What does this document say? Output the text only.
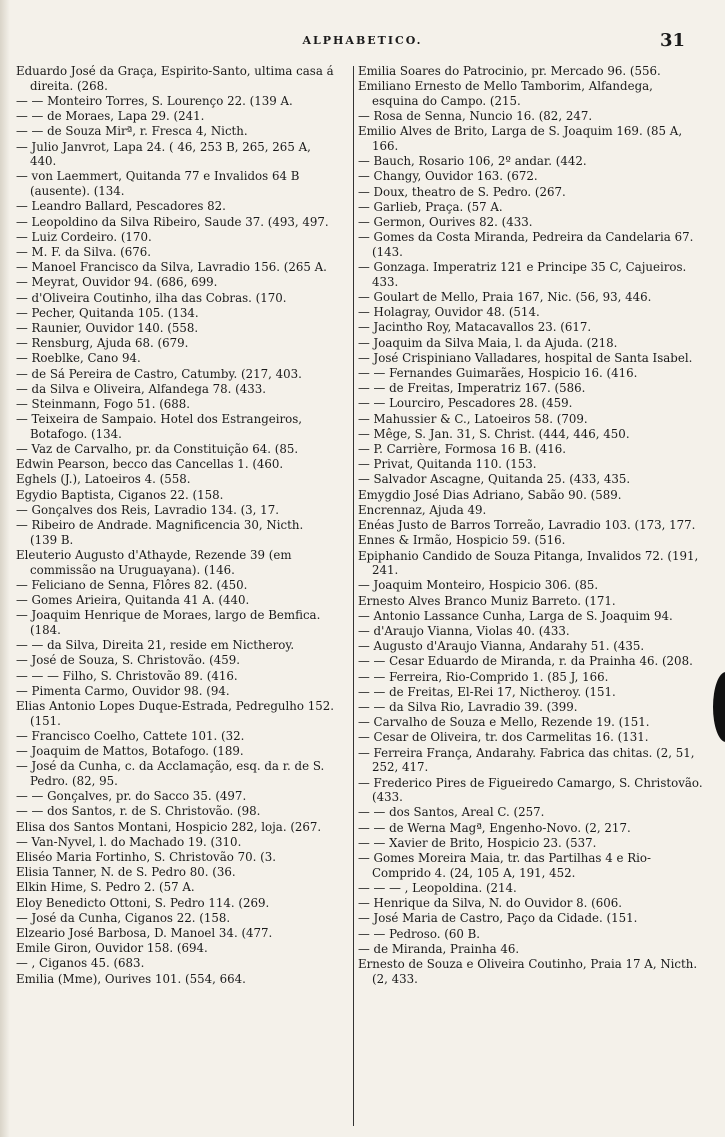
ALPHABETICO.	31
Eduardo José da Graça, Espirito-Santo, ultima casa á direita. (268.
— — Monteiro Torres, S. Lourenço 22. (139 A.
— — de Moraes, Lapa 29. (241.
— — de Souza Mirª, r. Fresca 4, Nicth.
— Julio Janvrot, Lapa 24. ( 46, 253 B, 265, 265 A, 440.
— von Laemmert, Quitanda 77 e Invalidos 64 B (ausente). (134.
— Leandro Ballard, Pescadores 82.
— Leopoldino da Silva Ribeiro, Saude 37. (493, 497.
— Luiz Cordeiro. (170.
— M. F. da Silva. (676.
— Manoel Francisco da Silva, Lavradio 156. (265 A.
— Meyrat, Ouvidor 94. (686, 699.
— d'Oliveira Coutinho, ilha das Cobras. (170.
— Pecher, Quitanda 105. (134.
— Raunier, Ouvidor 140. (558.
— Rensburg, Ajuda 68. (679.
— Roeblke, Cano 94.
— de Sá Pereira de Castro, Catumby. (217, 403.
— da Silva e Oliveira, Alfandega 78. (433.
— Steinmann, Fogo 51. (688.
— Teixeira de Sampaio. Hotel dos Estrangeiros, Botafogo. (134.
— Vaz de Carvalho, pr. da Constituição 64. (85.
Edwin Pearson, becco das Cancellas 1. (460.
Eghels (J.), Latoeiros 4. (558.
Egydio Baptista, Ciganos 22. (158.
— Gonçalves dos Reis, Lavradio 134. (3, 17.
— Ribeiro de Andrade. Magnificencia 30, Nicth. (139 B.
Eleuterio Augusto d'Athayde, Rezende 39 (em commissão na Uruguayana). (146.
— Feliciano de Senna, Flôres 82. (450.
— Gomes Arieira, Quitanda 41 A. (440.
— Joaquim Henrique de Moraes, largo de Bemfica. (184.
— — da Silva, Direita 21, reside em Nictheroy.
— José de Souza, S. Christovão. (459.
— — — Filho, S. Christovão 89. (416.
— Pimenta Carmo, Ouvidor 98. (94.
Elias Antonio Lopes Duque-Estrada, Pedregulho 152. (151.
— Francisco Coelho, Cattete 101. (32.
— Joaquim de Mattos, Botafogo. (189.
— José da Cunha, c. da Acclamação, esq. da r. de S. Pedro. (82, 95.
— — Gonçalves, pr. do Sacco 35. (497.
— — dos Santos, r. de S. Christovão. (98.
Elisa dos Santos Montani, Hospicio 282, loja. (267.
— Van-Nyvel, l. do Machado 19. (310.
Eliséo Maria Fortinho, S. Christovão 70. (3.
Elisia Tanner, N. de S. Pedro 80. (36.
Elkin Hime, S. Pedro 2. (57 A.
Eloy Benedicto Ottoni, S. Pedro 114. (269.
— José da Cunha, Ciganos 22. (158.
Elzeario José Barbosa, D. Manoel 34. (477.
Emile Giron, Ouvidor 158. (694.
— , Ciganos 45. (683.
Emilia (Mme), Ourives 101. (554, 664.
Emilia Soares do Patrocinio, pr. Mercado 96. (556.
Emiliano Ernesto de Mello Tamborim, Alfandega, esquina do Campo. (215.
— Rosa de Senna, Nuncio 16. (82, 247.
Emilio Alves de Brito, Larga de S. Joaquim 169. (85 A, 166.
— Bauch, Rosario 106, 2º andar. (442.
— Changy, Ouvidor 163. (672.
— Doux, theatro de S. Pedro. (267.
— Garlieb, Praça. (57 A.
— Germon, Ourives 82. (433.
— Gomes da Costa Miranda, Pedreira da Candelaria 67. (143.
— Gonzaga. Imperatriz 121 e Principe 35 C, Cajueiros. 433.
— Goulart de Mello, Praia 167, Nic. (56, 93, 446.
— Holagray, Ouvidor 48. (514.
— Jacintho Roy, Matacavallos 23. (617.
— Joaquim da Silva Maia, l. da Ajuda. (218.
— José Crispiniano Valladares, hospital de Santa Isabel.
— — Fernandes Guimarães, Hospicio 16. (416.
— — de Freitas, Imperatriz 167. (586.
— — Lourciro, Pescadores 28. (459.
— Mahussier & C., Latoeiros 58. (709.
— Mêge, S. Jan. 31, S. Christ. (444, 446, 450.
— P. Carrière, Formosa 16 B. (416.
— Privat, Quitanda 110. (153.
— Salvador Ascagne, Quitanda 25. (433, 435.
Emygdio José Dias Adriano, Sabão 90. (589.
Encrennaz, Ajuda 49.
Enéas Justo de Barros Torreão, Lavradio 103. (173, 177.
Ennes & Irmão, Hospicio 59. (516.
Epiphanio Candido de Souza Pitanga, Invalidos 72. (191, 241.
— Joaquim Monteiro, Hospicio 306. (85.
Ernesto Alves Branco Muniz Barreto. (171.
— Antonio Lassance Cunha, Larga de S. Joaquim 94.
— d'Araujo Vianna, Violas 40. (433.
— Augusto d'Araujo Vianna, Andarahy 51. (435.
— — Cesar Eduardo de Miranda, r. da Prainha 46. (208.
— — Ferreira, Rio-Comprido 1. (85 J, 166.
— — de Freitas, El-Rei 17, Nictheroy. (151.
— — da Silva Rio, Lavradio 39. (399.
— Carvalho de Souza e Mello, Rezende 19. (151.
— Cesar de Oliveira, tr. dos Carmelitas 16. (131.
— Ferreira França, Andarahy. Fabrica das chitas. (2, 51, 252, 417.
— Frederico Pires de Figueiredo Camargo, S. Christovão. (433.
— — dos Santos, Areal C. (257.
— — de Werna Magª, Engenho-Novo. (2, 217.
— — Xavier de Brito, Hospicio 23. (537.
— Gomes Moreira Maia, tr. das Partilhas 4 e Rio-Comprido 4. (24, 105 A, 191, 452.
— — — , Leopoldina. (214.
— Henrique da Silva, N. do Ouvidor 8. (606.
— José Maria de Castro, Paço da Cidade. (151.
— — Pedroso. (60 B.
— de Miranda, Prainha 46.
Ernesto de Souza e Oliveira Coutinho, Praia 17 A, Nicth. (2, 433.
